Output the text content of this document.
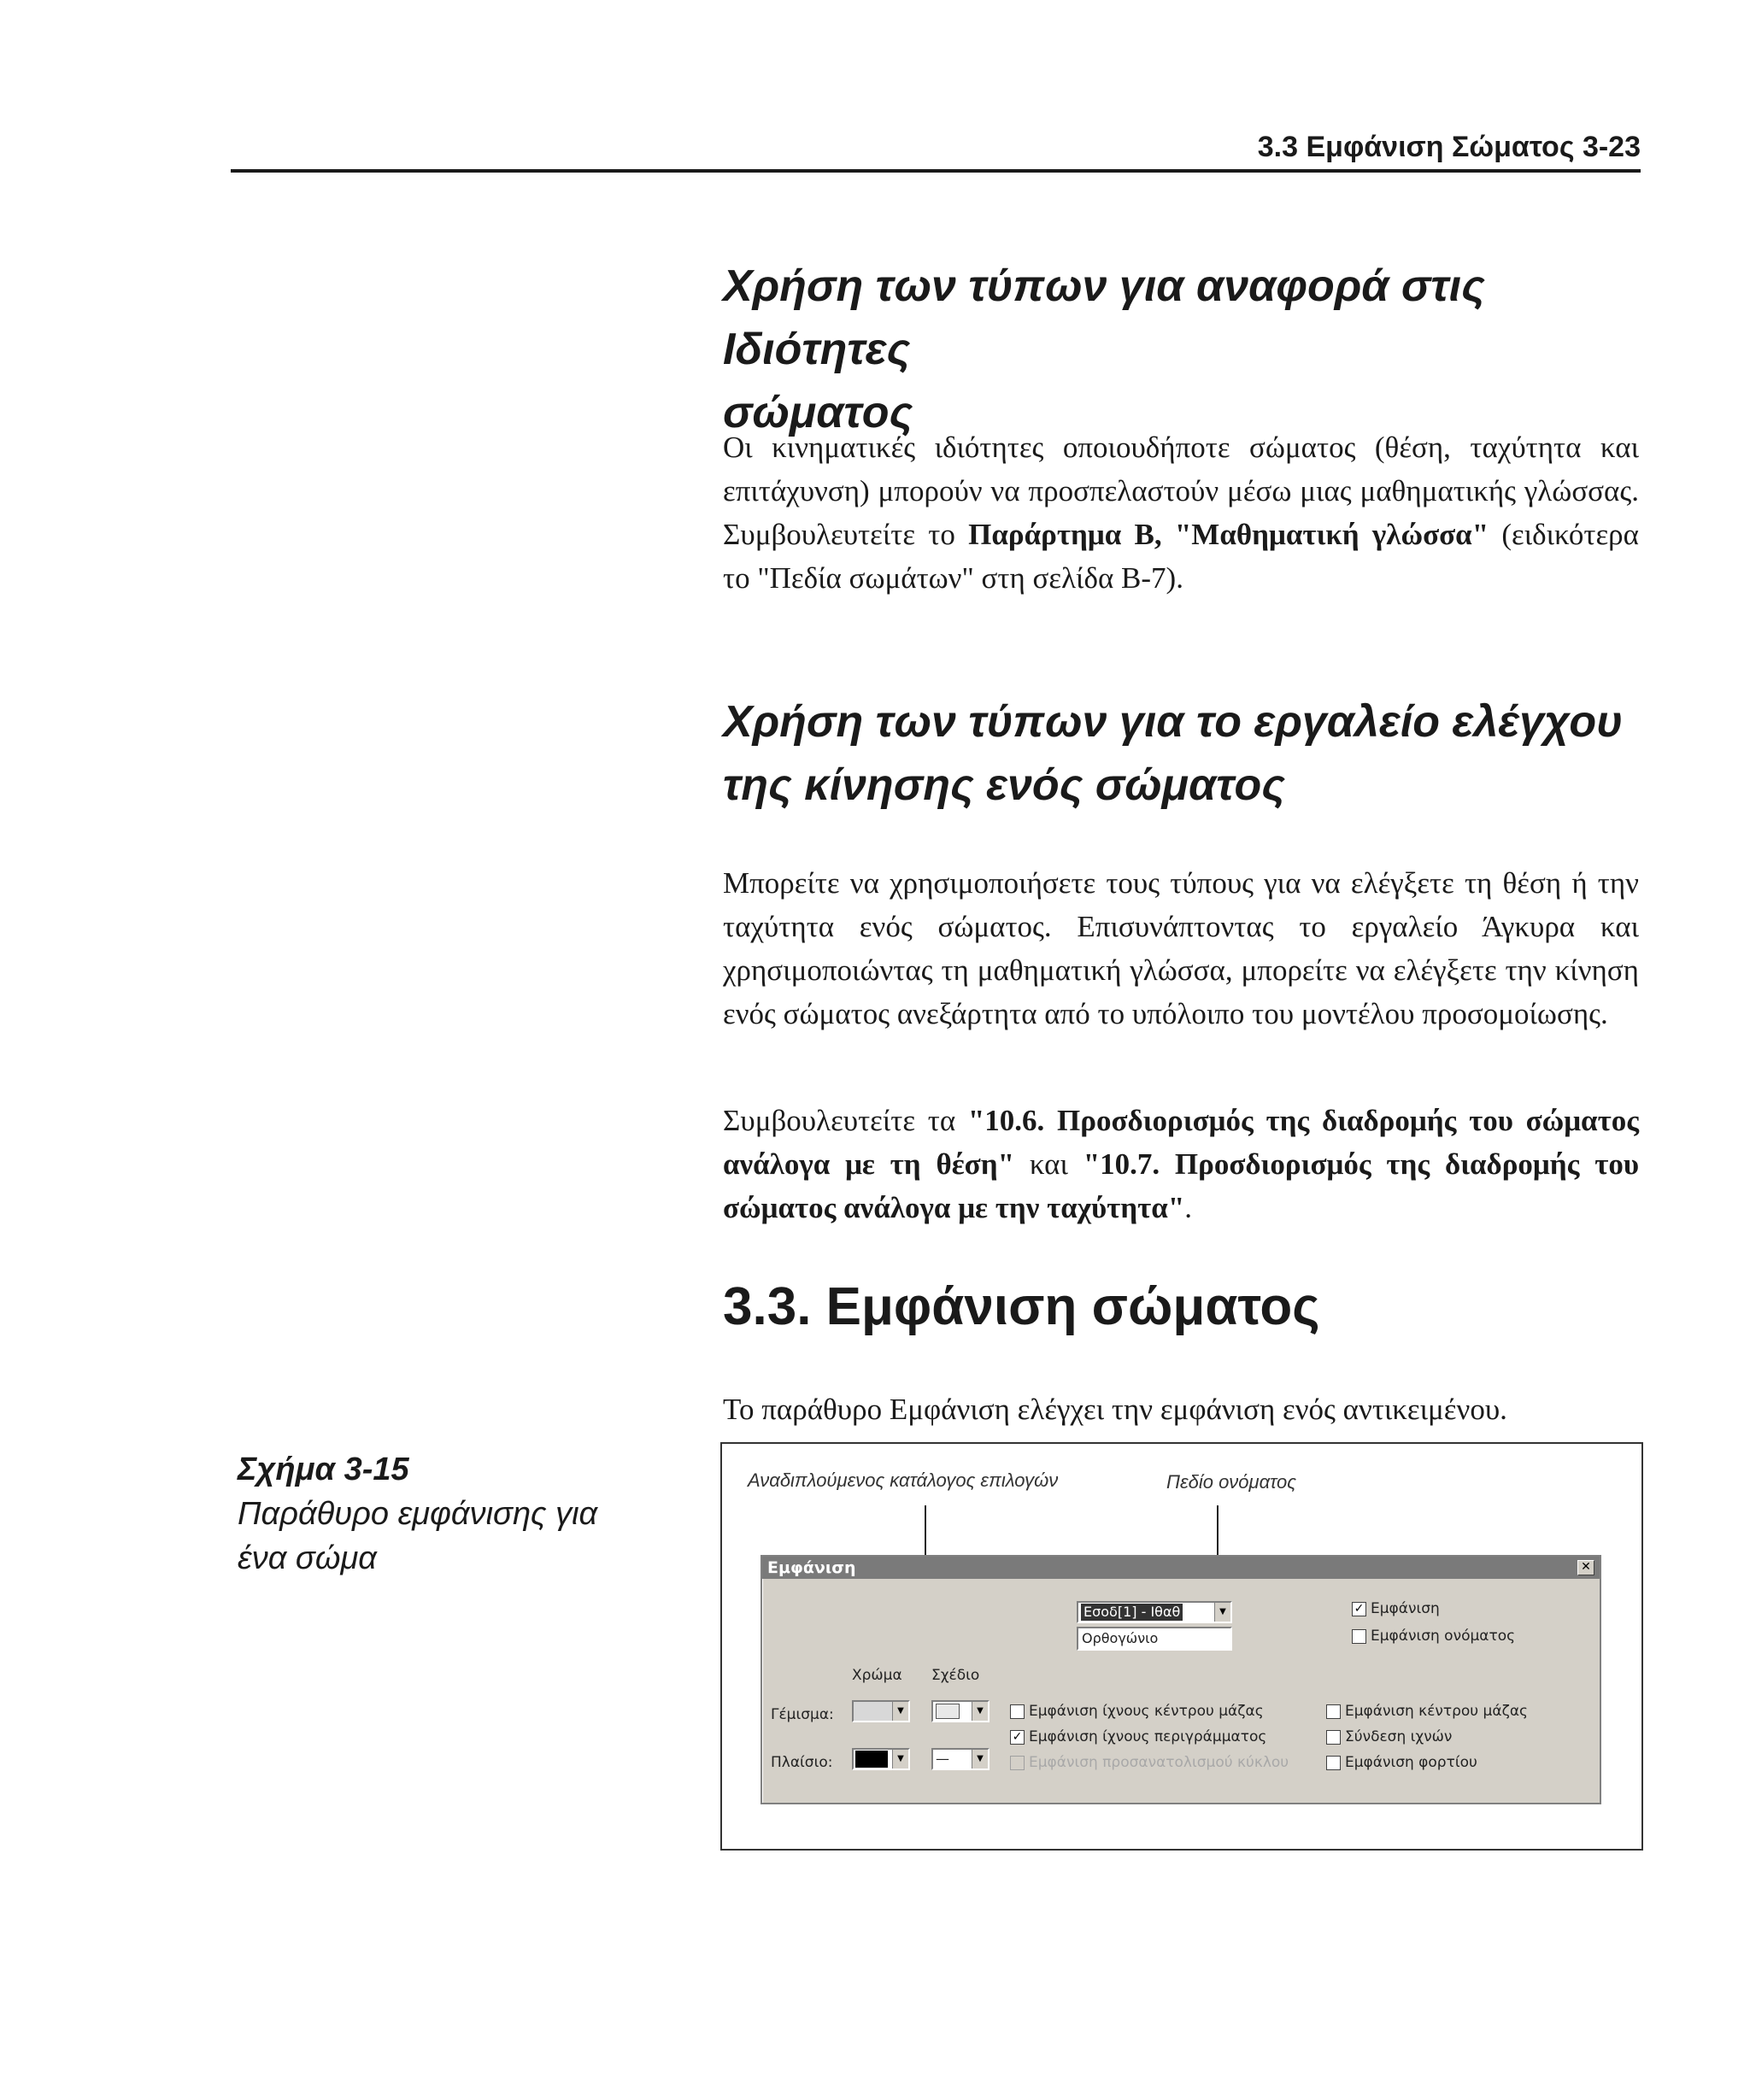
3.3 Εμφάνιση Σώματος 3-23
Χρήση των τύπων για αναφορά στις Ιδιότητες
σώματος

Οι κινηματικές ιδιότητες οποιουδήποτε σώματος (θέση, ταχύτητα και επιτάχυνση) μπορούν να προσπελαστούν μέσω μιας μαθηματικής γλώσσας. Συμβουλευτείτε το Παράρτημα Β, "Μαθηματική γλώσσα" (ειδικότερα το "Πεδία σωμάτων" στη σελίδα Β-7).

Χρήση των τύπων για το εργαλείο ελέγχου
της κίνησης ενός σώματος

Μπορείτε να χρησιμοποιήσετε τους τύπους για να ελέγξετε τη θέση ή την ταχύτητα ενός σώματος. Επισυνάπτοντας το εργαλείο Άγκυρα και χρησιμοποιώντας τη μαθηματική γλώσσα, μπορείτε να ελέγξετε την κίνηση ενός σώματος ανεξάρτητα από το υπόλοιπο του μοντέλου προσομοίωσης.

Συμβουλευτείτε τα "10.6. Προσδιορισμός της διαδρομής του σώματος ανάλογα με τη θέση" και "10.7. Προσδιορισμός της διαδρομής του σώματος ανάλογα με την ταχύτητα".

3.3. Εμφάνιση σώματος

Το παράθυρο Εμφάνιση ελέγχει την εμφάνιση ενός αντικειμένου.

Σχήμα 3-15
Παράθυρο εμφάνισης για ένα σώμα
Αναδιπλούμενος κατάλογος επιλογών	Πεδίο ονόματος
Εμφάνιση	✕
Εσοδ[1] - Ιθαθ	▼
Ορθογώνιο
✓ Εμφάνιση
Εμφάνιση ονόματος
Χρώμα Σχέδιο
Γέμισμα:	▼	▼
Πλαίσιο:	▼	—	▼
Εμφάνιση ίχνους κέντρου μάζας
✓ Εμφάνιση ίχνους περιγράμματος
Εμφάνιση προσανατολισμού κύκλου
Εμφάνιση κέντρου μάζας
Σύνδεση ιχνών
Εμφάνιση φορτίου
